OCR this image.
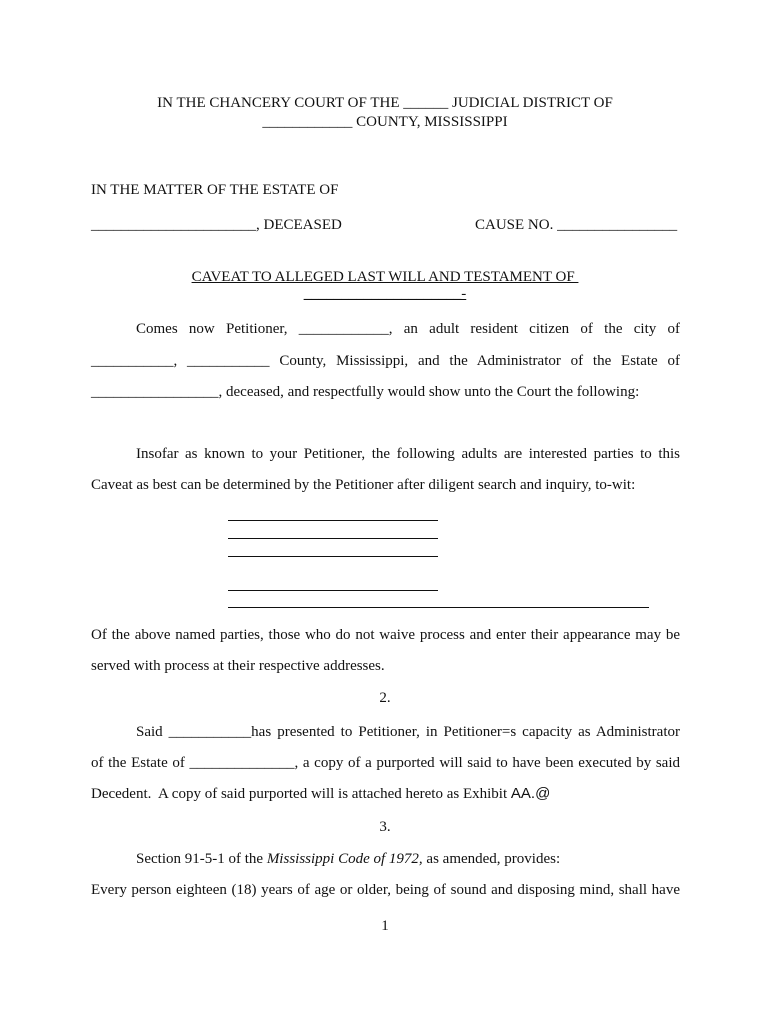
IN THE CHANCERY COURT OF THE ______ JUDICIAL DISTRICT OF
____________ COUNTY, MISSISSIPPI
IN THE MATTER OF THE ESTATE OF
______________________, DECEASED	CAUSE NO. ________________
CAVEAT TO ALLEGED LAST WILL AND TESTAMENT OF
_____________________-
Comes now Petitioner, ____________, an adult resident citizen of the city of
___________, ___________ County, Mississippi, and the Administrator of the Estate of
_________________, deceased, and respectfully would show unto the Court the following:
Insofar as known to your Petitioner, the following adults are interested parties to this
Caveat as best can be determined by the Petitioner after diligent search and inquiry, to-wit:
Of the above named parties, those who do not waive process and enter their appearance may be
served with process at their respective addresses.
2.
Said ___________has presented to Petitioner, in Petitioner=s capacity as Administrator
of the Estate of ______________, a copy of a purported will said to have been executed by said
Decedent.  A copy of said purported will is attached hereto as Exhibit AA.@
3.
Section 91-5-1 of the Mississippi Code of 1972, as amended, provides:
Every person eighteen (18) years of age or older, being of sound and disposing mind, shall have
1
